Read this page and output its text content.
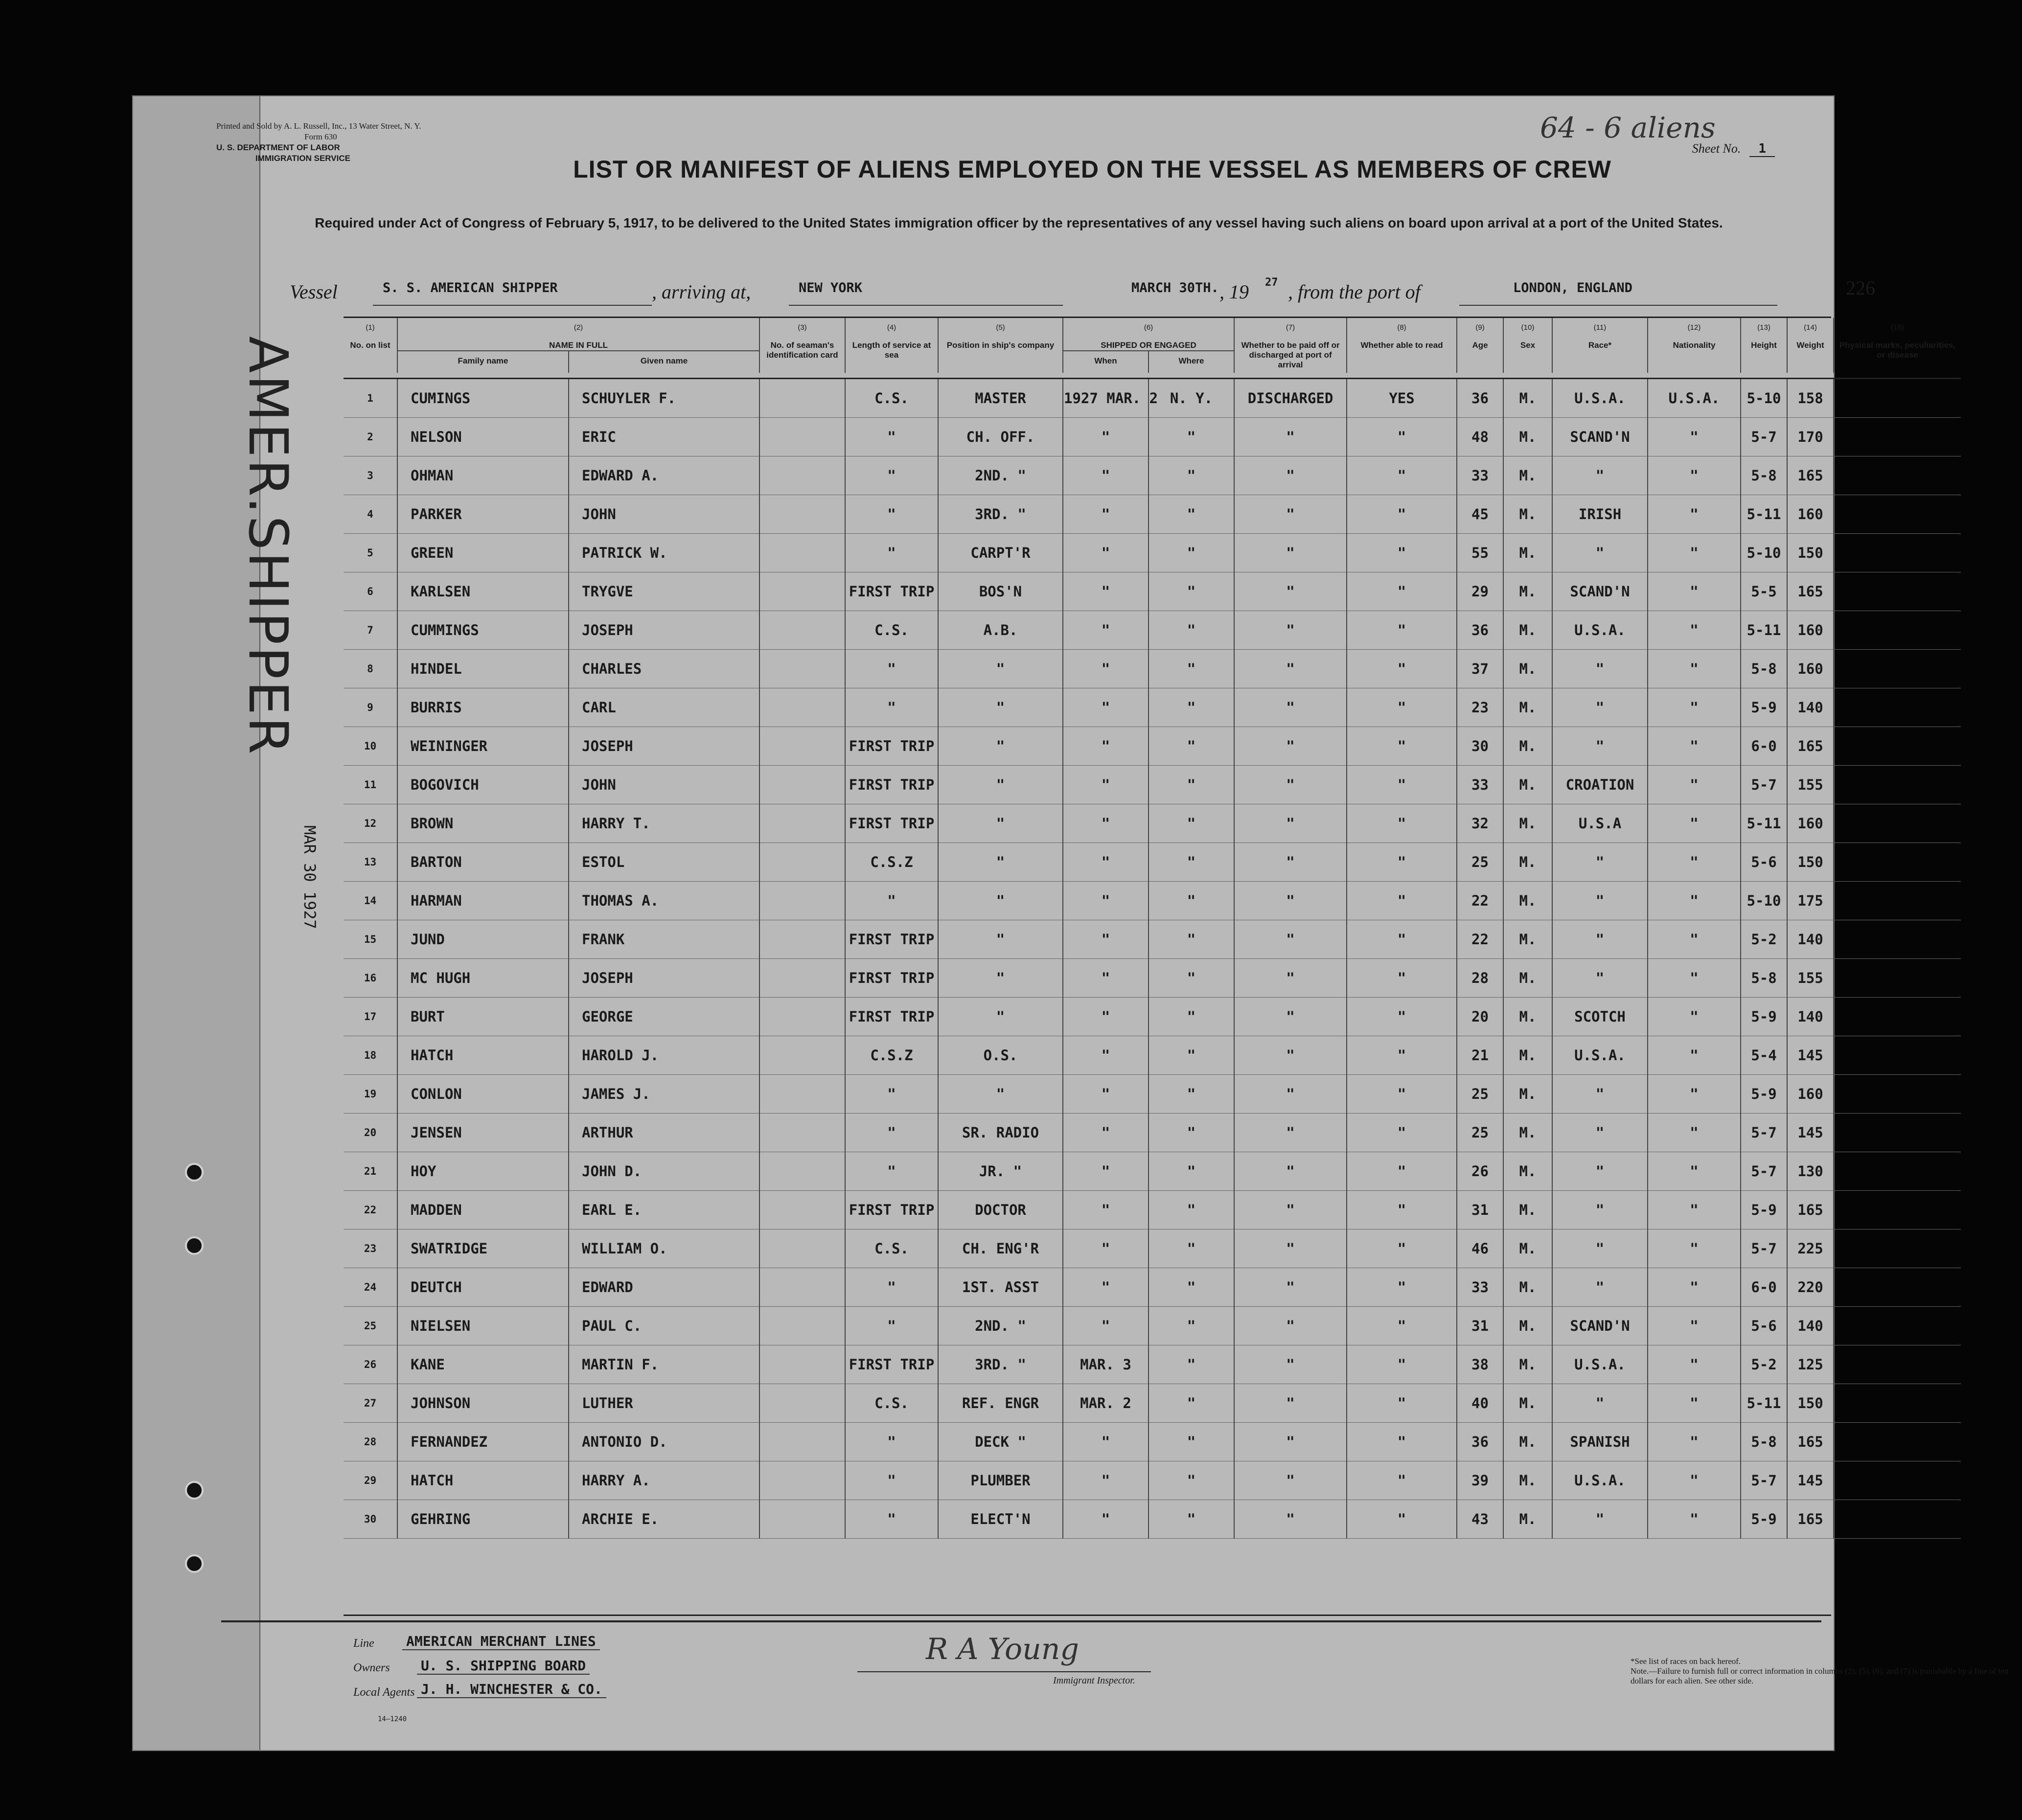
Printed and Sold by A. L. Russell, Inc., 13 Water Street, N. Y.
Form 630
U. S. DEPARTMENT OF LABOR
IMMIGRATION SERVICE
64 - 6 aliens
Sheet No. 1
LIST OR MANIFEST OF ALIENS EMPLOYED ON THE VESSEL AS MEMBERS OF CREW
Required under Act of Congress of February 5, 1917, to be delivered to the United States immigration officer by the representatives of any vessel having such aliens on board upon arrival at a port of the United States.
Vessel	S. S. AMERICAN SHIPPER	, arriving at,	NEW YORK	MARCH 30TH. , 19 27 , from the port of	LONDON, ENGLAND	226
AMER.SHIPPER
MAR 30 1927
(1)
No. on list	(2)
NAME IN FULL		(3)
No. of seaman's identification card	(4)
Length of service at sea	(5)
Position in ship's company	(6)
SHIPPED OR ENGAGED		(7)
Whether to be paid off or discharged at port of arrival	(8)
Whether able to read	(9)
Age	(10)
Sex	(11)
Race*	(12)
Nationality	(13)
Height	(14)
Weight	(15)
Physical marks, peculiarities, or disease
	Family name	Given name				When	Where									

1	CUMINGS	SCHUYLER F.		C.S.	MASTER	1927 MAR. 2	N. Y.	DISCHARGED	YES	36	M.	U.S.A.	U.S.A.	5-10	158	
2	NELSON	ERIC		"	CH. OFF.	"	"	"	"	48	M.	SCAND'N	"	5-7	170	
3	OHMAN	EDWARD A.		"	2ND. "	"	"	"	"	33	M.	"	"	5-8	165	
4	PARKER	JOHN		"	3RD. "	"	"	"	"	45	M.	IRISH	"	5-11	160	
5	GREEN	PATRICK W.		"	CARPT'R	"	"	"	"	55	M.	"	"	5-10	150	
6	KARLSEN	TRYGVE		FIRST TRIP	BOS'N	"	"	"	"	29	M.	SCAND'N	"	5-5	165	
7	CUMMINGS	JOSEPH		C.S.	A.B.	"	"	"	"	36	M.	U.S.A.	"	5-11	160	
8	HINDEL	CHARLES		"	"	"	"	"	"	37	M.	"	"	5-8	160	
9	BURRIS	CARL		"	"	"	"	"	"	23	M.	"	"	5-9	140	
10	WEININGER	JOSEPH		FIRST TRIP	"	"	"	"	"	30	M.	"	"	6-0	165	
11	BOGOVICH	JOHN		FIRST TRIP	"	"	"	"	"	33	M.	CROATION	"	5-7	155	
12	BROWN	HARRY T.		FIRST TRIP	"	"	"	"	"	32	M.	U.S.A	"	5-11	160	
13	BARTON	ESTOL		C.S.Z	"	"	"	"	"	25	M.	"	"	5-6	150	
14	HARMAN	THOMAS A.		"	"	"	"	"	"	22	M.	"	"	5-10	175	
15	JUND	FRANK		FIRST TRIP	"	"	"	"	"	22	M.	"	"	5-2	140	
16	MC HUGH	JOSEPH		FIRST TRIP	"	"	"	"	"	28	M.	"	"	5-8	155	
17	BURT	GEORGE		FIRST TRIP	"	"	"	"	"	20	M.	SCOTCH	"	5-9	140	
18	HATCH	HAROLD J.		C.S.Z	O.S.	"	"	"	"	21	M.	U.S.A.	"	5-4	145	
19	CONLON	JAMES J.		"	"	"	"	"	"	25	M.	"	"	5-9	160	
20	JENSEN	ARTHUR		"	SR. RADIO	"	"	"	"	25	M.	"	"	5-7	145	
21	HOY	JOHN D.		"	JR. "	"	"	"	"	26	M.	"	"	5-7	130	
22	MADDEN	EARL E.		FIRST TRIP	DOCTOR	"	"	"	"	31	M.	"	"	5-9	165	
23	SWATRIDGE	WILLIAM O.		C.S.	CH. ENG'R	"	"	"	"	46	M.	"	"	5-7	225	
24	DEUTCH	EDWARD		"	1ST. ASST	"	"	"	"	33	M.	"	"	6-0	220	
25	NIELSEN	PAUL C.		"	2ND. "	"	"	"	"	31	M.	SCAND'N	"	5-6	140	
26	KANE	MARTIN F.		FIRST TRIP	3RD. "	MAR. 3	"	"	"	38	M.	U.S.A.	"	5-2	125	
27	JOHNSON	LUTHER		C.S.	REF. ENGR	MAR. 2	"	"	"	40	M.	"	"	5-11	150	
28	FERNANDEZ	ANTONIO D.		"	DECK "	"	"	"	"	36	M.	SPANISH	"	5-8	165	
29	HATCH	HARRY A.		"	PLUMBER	"	"	"	"	39	M.	U.S.A.	"	5-7	145	
30	GEHRING	ARCHIE E.		"	ELECT'N	"	"	"	"	43	M.	"	"	5-9	165	
Line AMERICAN MERCHANT LINES
Owners U. S. SHIPPING BOARD
Local Agents J. H. WINCHESTER & CO.
14—1240
R A Young
Immigrant Inspector.
*See list of races on back hereof.
Note.—Failure to furnish full or correct information in columns (2), (5), (6), and (7) is punishable by a fine of ten dollars for each alien. See other side.
